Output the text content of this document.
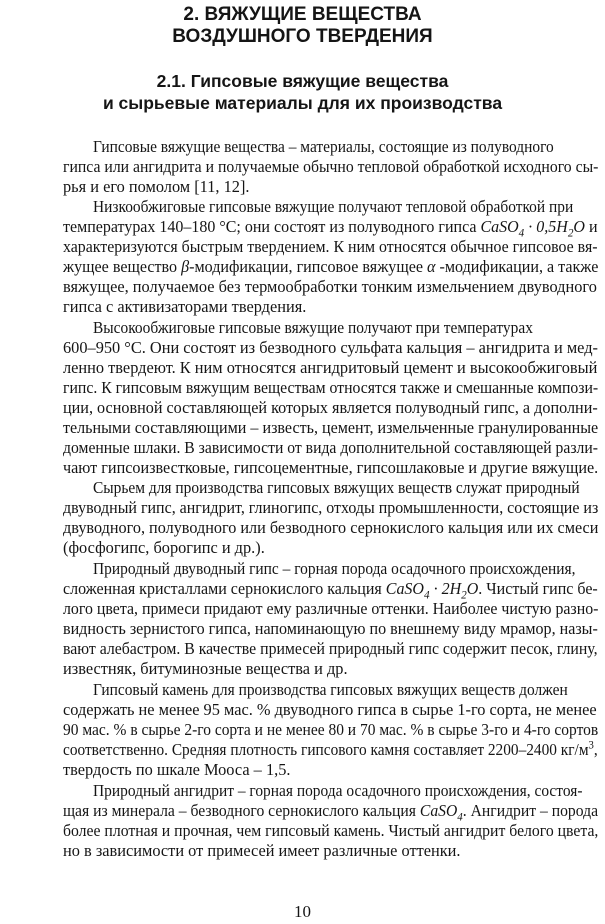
2. ВЯЖУЩИЕ ВЕЩЕСТВА
ВОЗДУШНОГО ТВЕРДЕНИЯ
2.1. Гипсовые вяжущие вещества
и сырьевые материалы для их производства
Гипсовые вяжущие вещества – материалы, состоящие из полуводного
гипса или ангидрита и получаемые обычно тепловой обработкой исходного сы-
рья и его помолом [11, 12].
Низкообжиговые гипсовые вяжущие получают тепловой обработкой при
температурах 140–180 °C; они состоят из полуводного гипса CaSO$_4$ · $0,5H_2O$ и
характеризуются быстрым твердением. К ним относятся обычное гипсовое вя-
жущее вещество β-модификации, гипсовое вяжущее α -модификации, а также
вяжущее, получаемое без термообработки тонким измельчением двуводного
гипса с активизаторами твердения.
Высокообжиговые гипсовые вяжущие получают при температурах
600–950 °C. Они состоят из безводного сульфата кальция – ангидрита и мед-
ленно твердеют. К ним относятся ангидритовый цемент и высокообжиговый
гипс. К гипсовым вяжущим веществам относятся также и смешанные компози-
ции, основной составляющей которых является полуводный гипс, а дополни-
тельными составляющими – известь, цемент, измельченные гранулированные
доменные шлаки. В зависимости от вида дополнительной составляющей разли-
чают гипсоизвестковые, гипсоцементные, гипсошлаковые и другие вяжущие.
Сырьем для производства гипсовых вяжущих веществ служат природный
двуводный гипс, ангидрит, глиногипс, отходы промышленности, состоящие из
двуводного, полуводного или безводного сернокислого кальция или их смеси
(фосфогипс, борогипс и др.).
Природный двуводный гипс – горная порода осадочного происхождения,
сложенная кристаллами сернокислого кальция CaSO$_4$ · $2H_2O$. Чистый гипс бе-
лого цвета, примеси придают ему различные оттенки. Наиболее чистую разно-
видность зернистого гипса, напоминающую по внешнему виду мрамор, назы-
вают алебастром. В качестве примесей природный гипс содержит песок, глину,
известняк, битуминозные вещества и др.
Гипсовый камень для производства гипсовых вяжущих веществ должен
содержать не менее 95 мас. % двуводного гипса в сырье 1-го сорта, не менее
90 мас. % в сырье 2-го сорта и не менее 80 и 70 мас. % в сырье 3-го и 4-го сортов
соответственно. Средняя плотность гипсового камня составляет 2200–2400 $кг/м^3$,
твердость по шкале Мооса – 1,5.
Природный ангидрит – горная порода осадочного происхождения, состоя-
щая из минерала – безводного сернокислого кальция CaSO$_4$. Ангидрит – порода
более плотная и прочная, чем гипсовый камень. Чистый ангидрит белого цвета,
но в зависимости от примесей имеет различные оттенки.
10
